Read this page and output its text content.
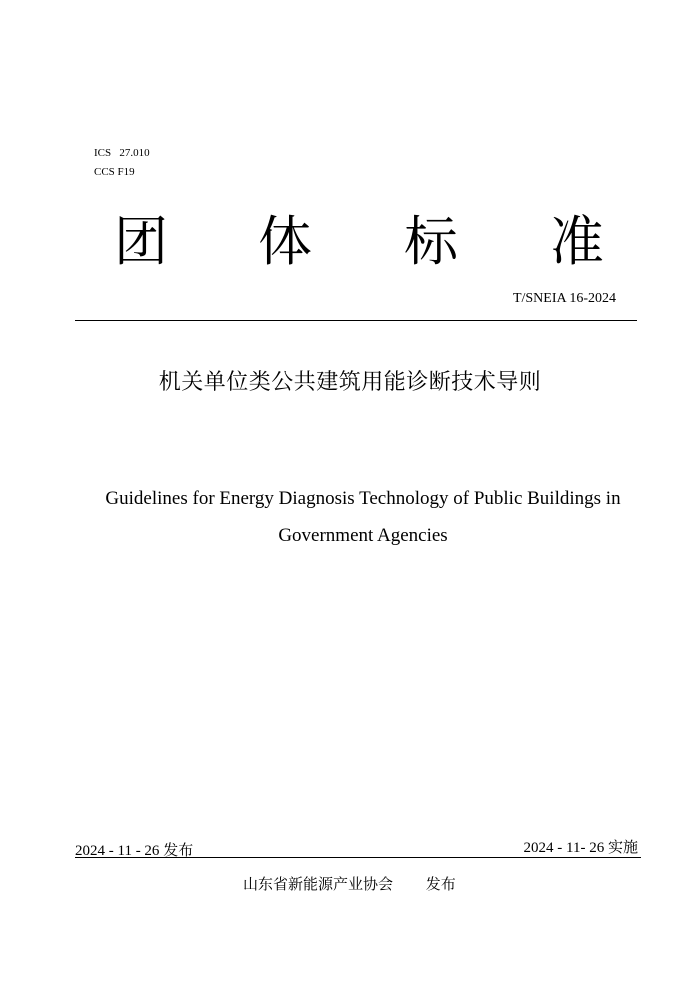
ICS   27.010
CCS F19
团 体 标 准
T/SNEIA 16-2024
机关单位类公共建筑用能诊断技术导则
Guidelines for Energy Diagnosis Technology of Public Buildings in
Government Agencies
2024 - 11 - 26 发布	2024 - 11- 26 实施
山东省新能源产业协会 发布
